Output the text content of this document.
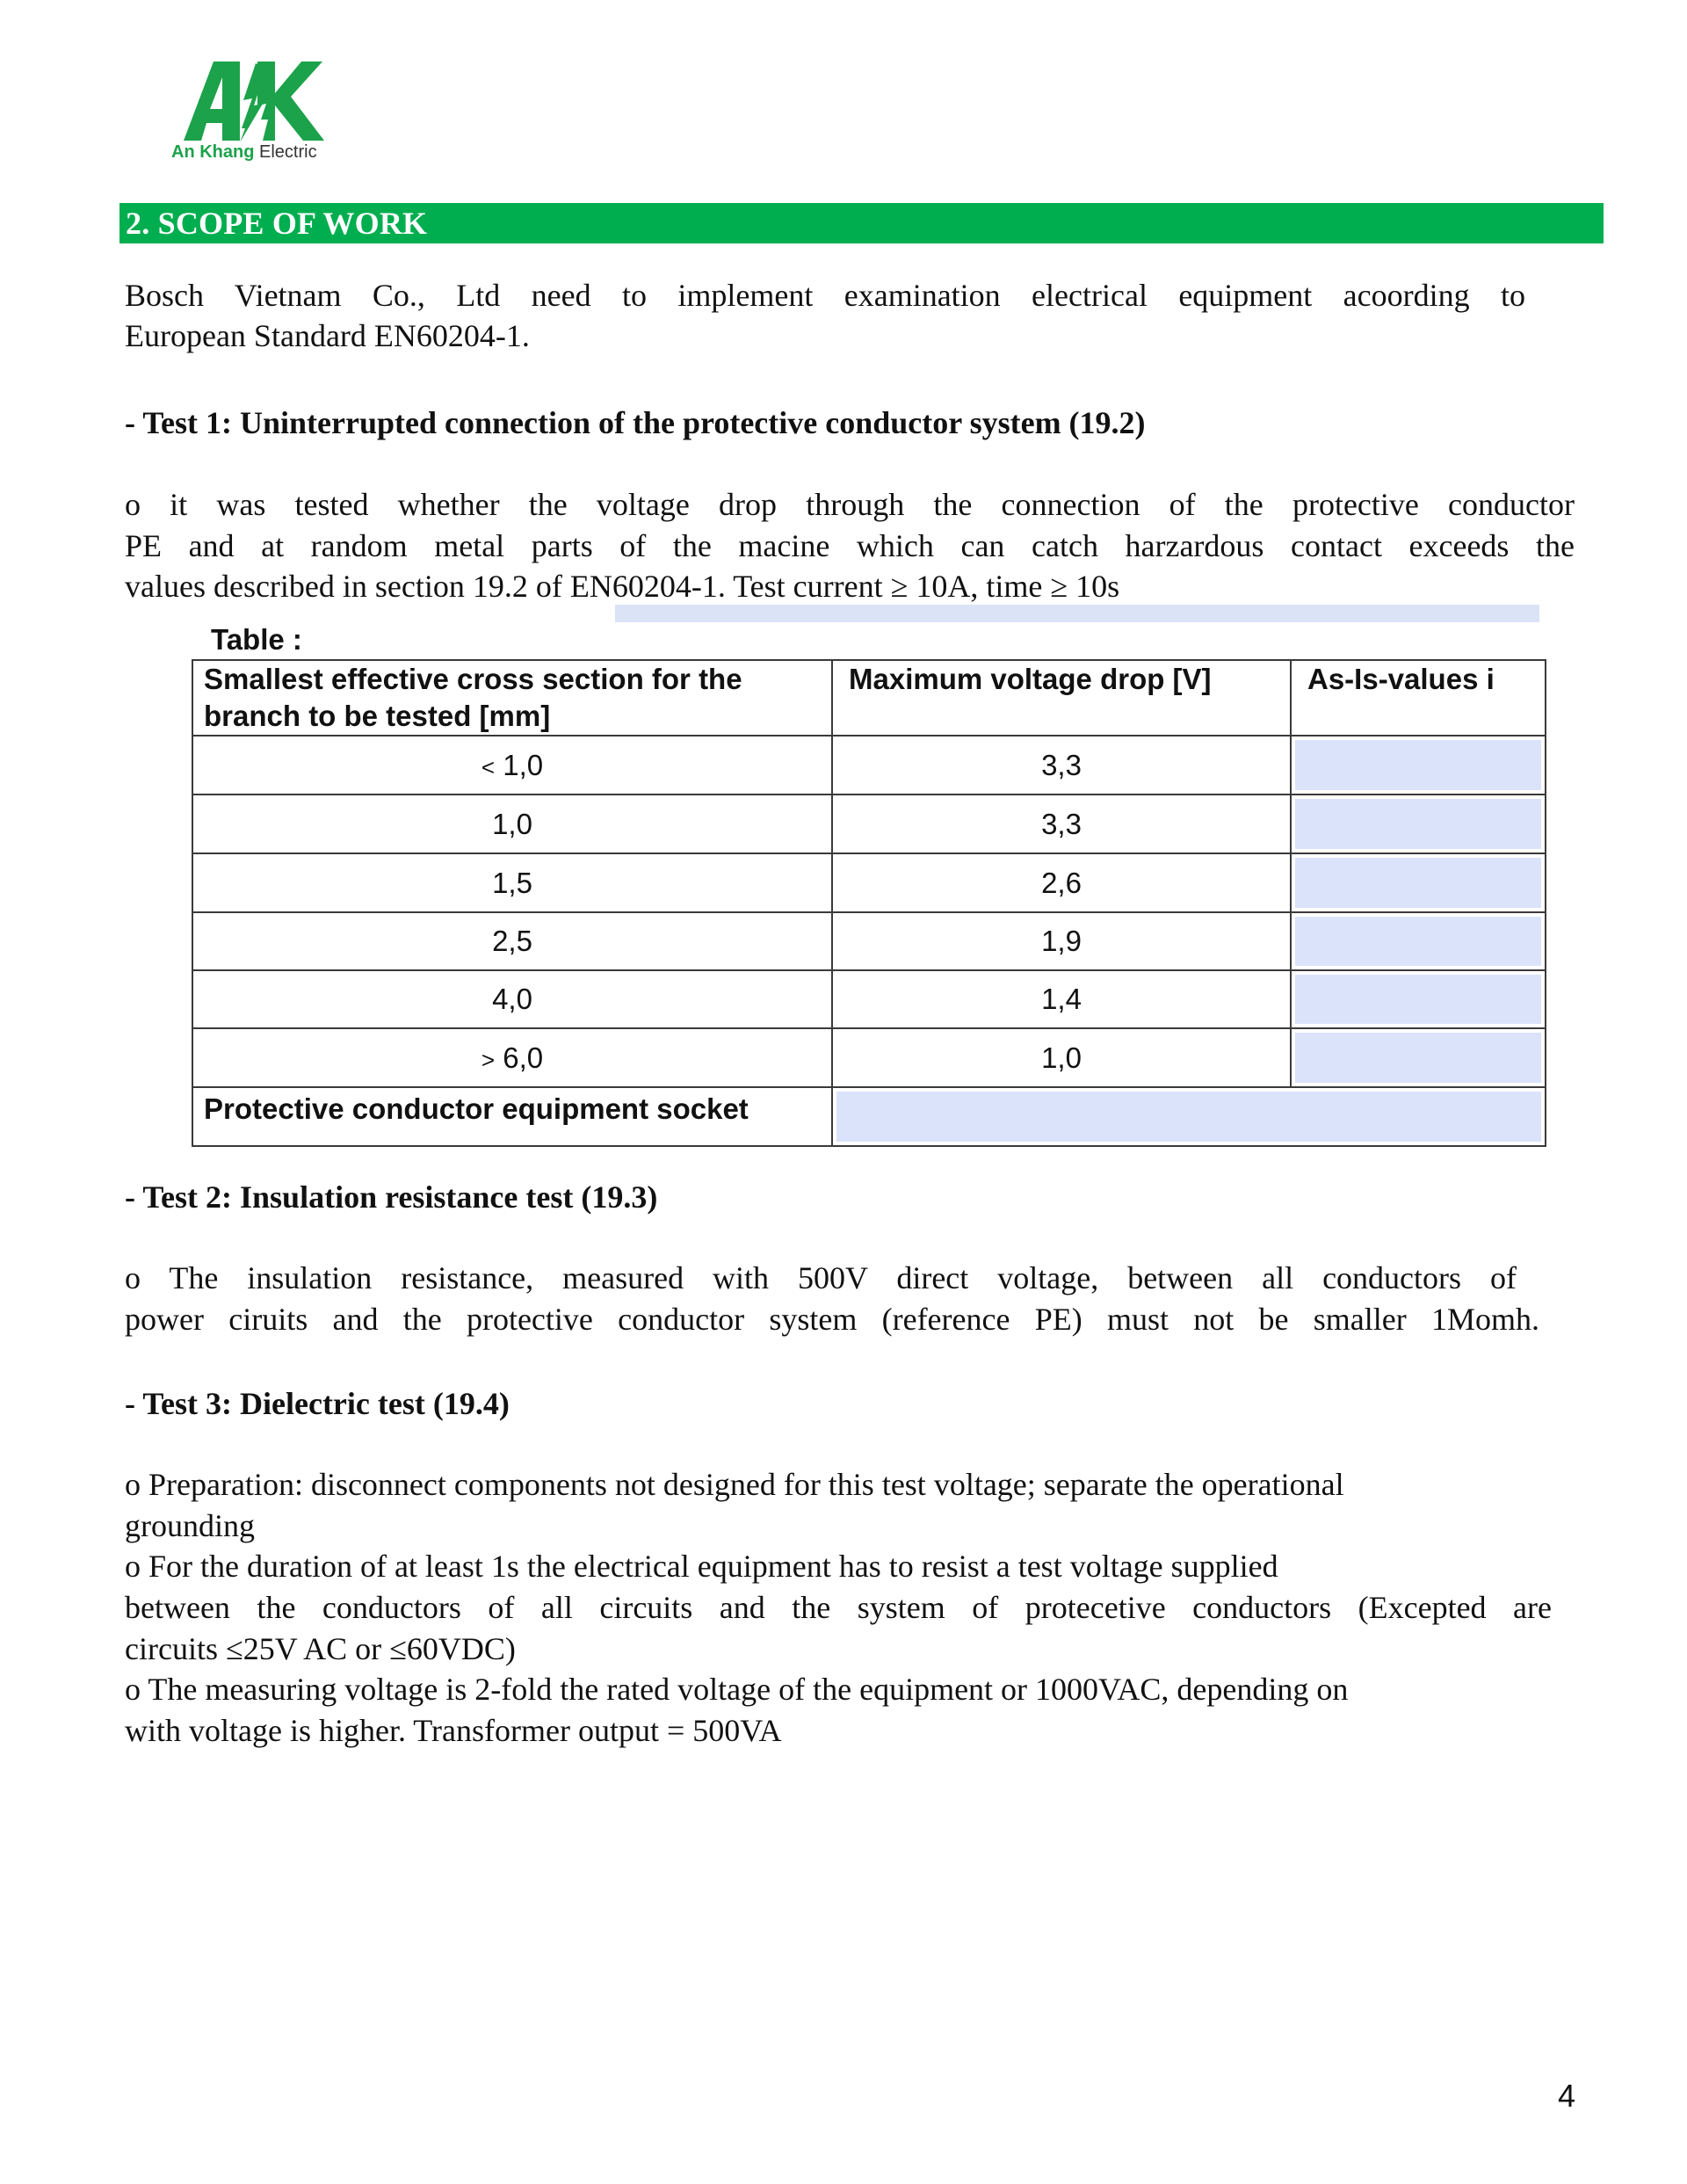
An Khang Electric
2. SCOPE OF WORK
Bosch Vietnam Co., Ltd need to implement examination electrical equipment acoording to
European Standard EN60204-1.
- Test 1: Uninterrupted connection of the protective conductor system (19.2)
o it was tested whether the voltage drop through the connection of the protective conductor
PE and at random metal parts of the macine which can catch harzardous contact exceeds the
values described in section 19.2 of EN60204-1. Test current ≥ 10A, time ≥ 10s
Table :
Smallest effective cross section for the branch to be tested [mm]	Maximum voltage drop [V]	As-Is-values i
< 1,0	3,3	
1,0	3,3	
1,5	2,6	
2,5	1,9	
4,0	1,4	
> 6,0	1,0	
Protective conductor equipment socket		
- Test 2: Insulation resistance test (19.3)
o The insulation resistance, measured with 500V direct voltage, between all conductors of
power ciruits and the protective conductor system (reference PE) must not be smaller 1Momh.
- Test 3: Dielectric test (19.4)
o Preparation: disconnect components not designed for this test voltage; separate the operational
grounding
o For the duration of at least 1s the electrical equipment has to resist a test voltage supplied
between the conductors of all circuits and the system of protecetive conductors (Excepted are
circuits ≤25V AC or ≤60VDC)
o The measuring voltage is 2-fold the rated voltage of the equipment or 1000VAC, depending on
with voltage is higher. Transformer output = 500VA
4
